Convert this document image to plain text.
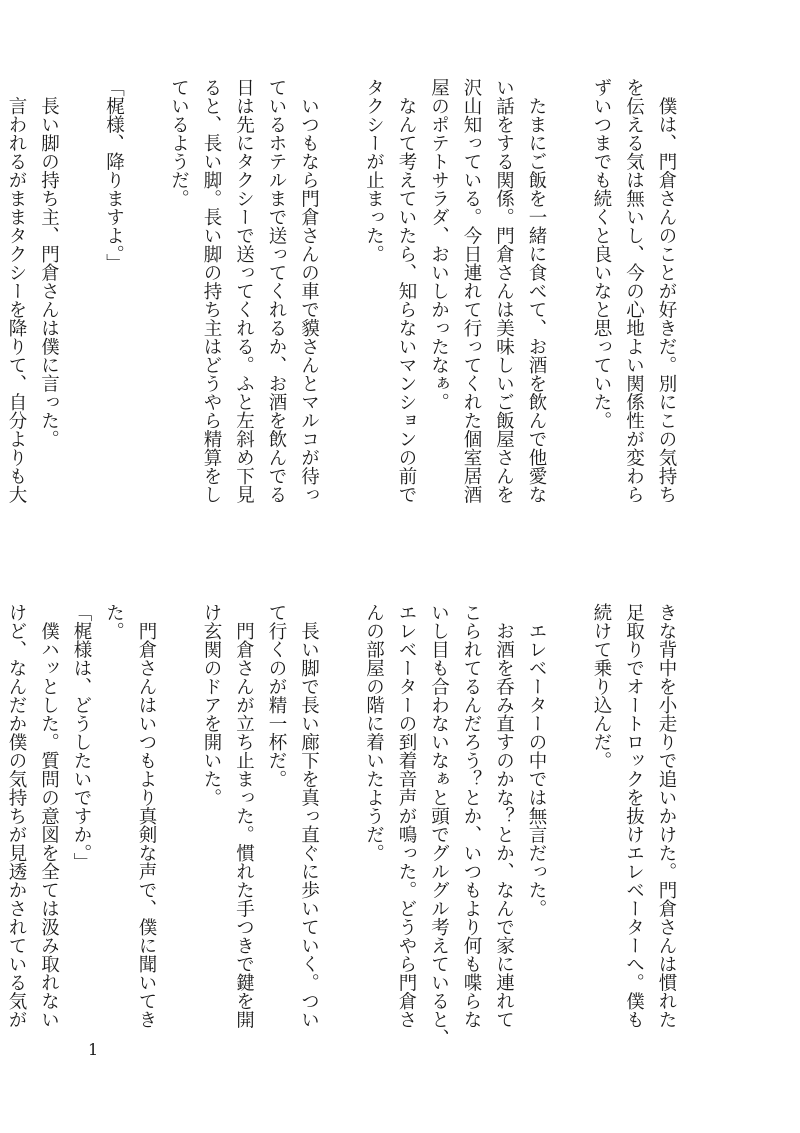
　僕は、門倉さんのことが好きだ。別にこの気持ち
を伝える気は無いし、今の心地よい関係性が変わら
ずいつまでも続くと良いなと思っていた。

　たまにご飯を一緒に食べて、お酒を飲んで他愛な
い話をする関係。門倉さんは美味しいご飯屋さんを
沢山知っている。今日連れて行ってくれた個室居酒
屋のポテトサラダ、おいしかったなぁ。
　なんて考えていたら、知らないマンションの前で
タクシーが止まった。

　いつもなら門倉さんの車で貘さんとマルコが待っ
ているホテルまで送ってくれるか、お酒を飲んでる
日は先にタクシーで送ってくれる。ふと左斜め下見
ると、長い脚。長い脚の持ち主はどうやら精算をし
ているようだ。

「梶様、降りますよ。」

　長い脚の持ち主、門倉さんは僕に言った。
　言われるがままタクシーを降りて、自分よりも大
きな背中を小走りで追いかけた。門倉さんは慣れた
足取りでオートロックを抜けエレベーターへ。僕も
続けて乗り込んだ。

　エレベーターの中では無言だった。
　お酒を呑み直すのかな？とか、なんで家に連れて
こられてるんだろう？とか、いつもより何も喋らな
いし目も合わないなぁと頭でグルグル考えていると、
エレベーターの到着音声が鳴った。どうやら門倉さ
んの部屋の階に着いたようだ。

　長い脚で長い廊下を真っ直ぐに歩いていく。つい
て行くのが精一杯だ。
　門倉さんが立ち止まった。慣れた手つきで鍵を開
け玄関のドアを開いた。

　門倉さんはいつもより真剣な声で、僕に聞いてき
た。
「梶様は、どうしたいですか。」
　僕ハッとした。質問の意図を全ては汲み取れない
けど、なんだか僕の気持ちが見透かされている気が
1
